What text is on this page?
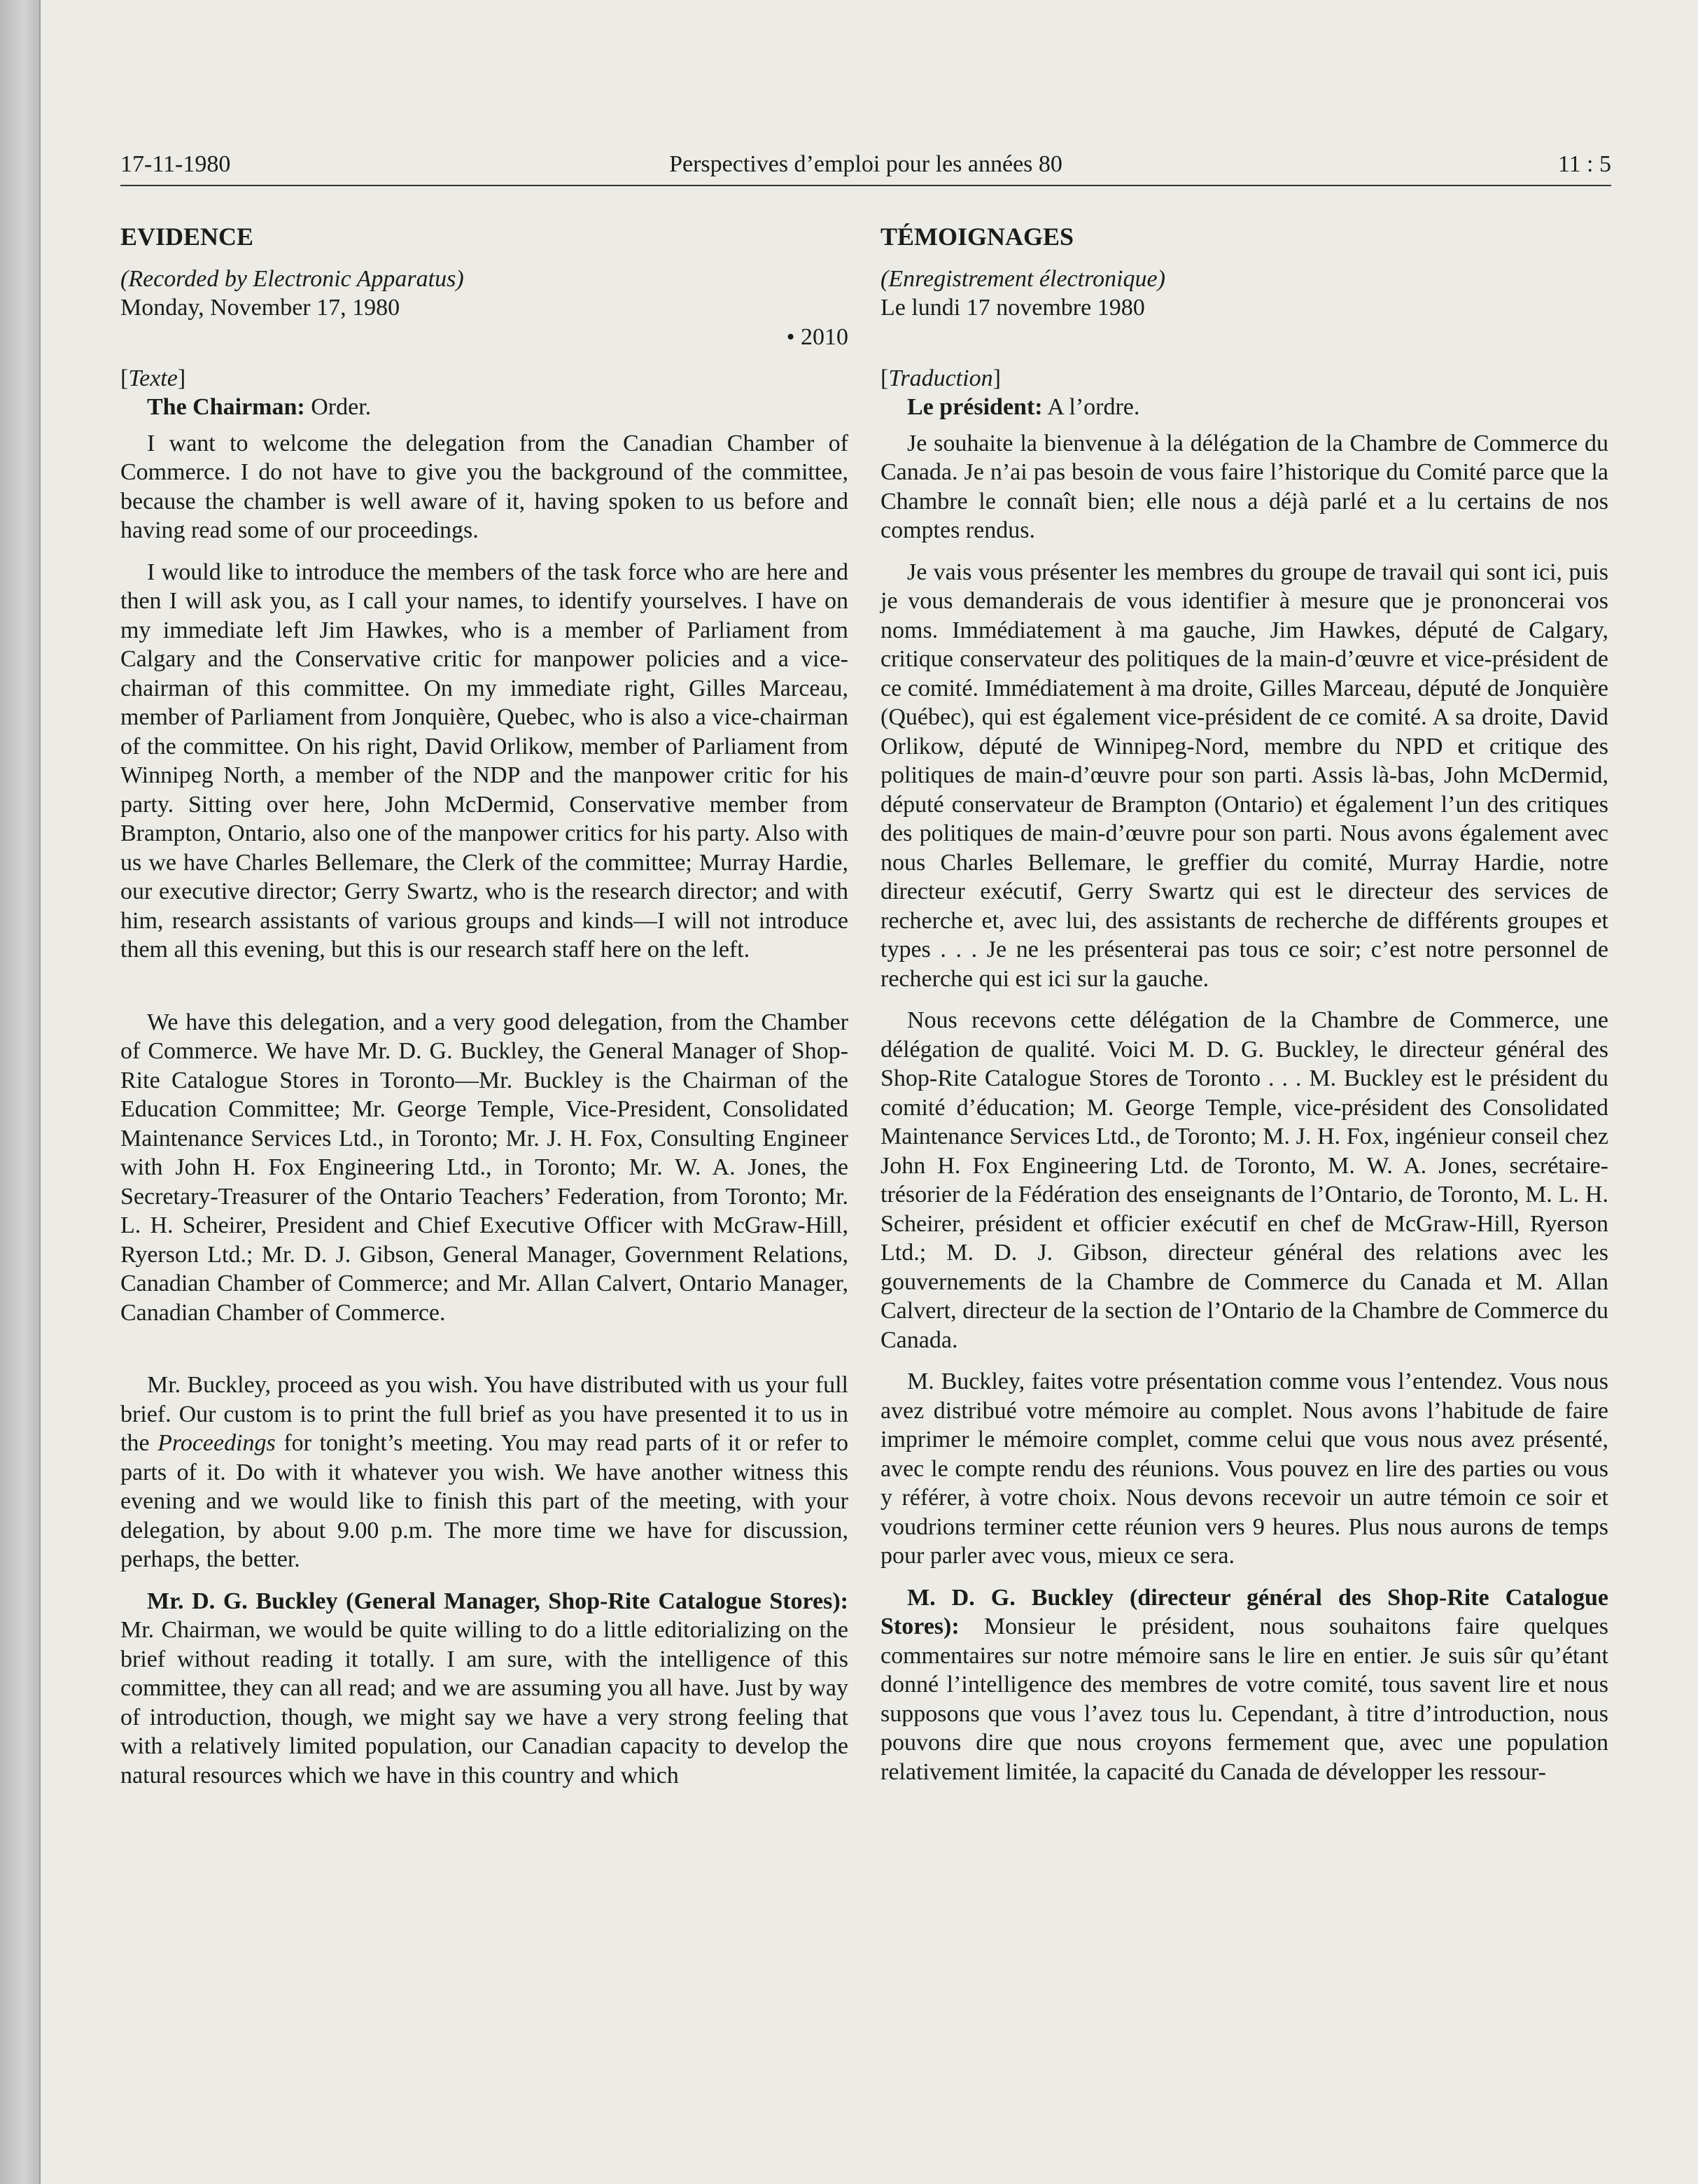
17-11-1980	Perspectives d’emploi pour les années 80	11 : 5
EVIDENCE
(Recorded by Electronic Apparatus)
Monday, November 17, 1980
• 2010
[Texte]

The Chairman: Order.

I want to welcome the delegation from the Canadian Chamber of Commerce. I do not have to give you the background of the committee, because the chamber is well aware of it, having spoken to us before and having read some of our proceedings.

I would like to introduce the members of the task force who are here and then I will ask you, as I call your names, to identify yourselves. I have on my immediate left Jim Hawkes, who is a member of Parliament from Calgary and the Conservative critic for manpower policies and a vice-chairman of this committee. On my immediate right, Gilles Marceau, member of Parliament from Jonquière, Quebec, who is also a vice-chairman of the committee. On his right, David Orlikow, member of Parliament from Winnipeg North, a member of the NDP and the manpower critic for his party. Sitting over here, John McDermid, Conservative member from Brampton, Ontario, also one of the manpower critics for his party. Also with us we have Charles Bellemare, the Clerk of the committee; Murray Hardie, our executive director; Gerry Swartz, who is the research director; and with him, research assistants of various groups and kinds—I will not introduce them all this evening, but this is our research staff here on the left.

We have this delegation, and a very good delegation, from the Chamber of Commerce. We have Mr. D. G. Buckley, the General Manager of Shop-Rite Catalogue Stores in Toronto—Mr. Buckley is the Chairman of the Education Committee; Mr. George Temple, Vice-President, Consolidated Maintenance Services Ltd., in Toronto; Mr. J. H. Fox, Consulting Engineer with John H. Fox Engineering Ltd., in Toronto; Mr. W. A. Jones, the Secretary-Treasurer of the Ontario Teachers’ Federation, from Toronto; Mr. L. H. Scheirer, President and Chief Executive Officer with McGraw-Hill, Ryerson Ltd.; Mr. D. J. Gibson, General Manager, Government Relations, Canadian Chamber of Commerce; and Mr. Allan Calvert, Ontario Manager, Canadian Chamber of Commerce.

Mr. Buckley, proceed as you wish. You have distributed with us your full brief. Our custom is to print the full brief as you have presented it to us in the Proceedings for tonight’s meeting. You may read parts of it or refer to parts of it. Do with it whatever you wish. We have another witness this evening and we would like to finish this part of the meeting, with your delegation, by about 9.00 p.m. The more time we have for discussion, perhaps, the better.

Mr. D. G. Buckley (General Manager, Shop-Rite Catalogue Stores): Mr. Chairman, we would be quite willing to do a little editorializing on the brief without reading it totally. I am sure, with the intelligence of this committee, they can all read; and we are assuming you all have. Just by way of introduction, though, we might say we have a very strong feeling that with a relatively limited population, our Canadian capacity to develop the natural resources which we have in this country and which

TÉMOIGNAGES
(Enregistrement électronique)
Le lundi 17 novembre 1980
[Traduction]

Le président: A l’ordre.

Je souhaite la bienvenue à la délégation de la Chambre de Commerce du Canada. Je n’ai pas besoin de vous faire l’historique du Comité parce que la Chambre le connaît bien; elle nous a déjà parlé et a lu certains de nos comptes rendus.

Je vais vous présenter les membres du groupe de travail qui sont ici, puis je vous demanderais de vous identifier à mesure que je prononcerai vos noms. Immédiatement à ma gauche, Jim Hawkes, député de Calgary, critique conservateur des politiques de la main-d’œuvre et vice-président de ce comité. Immédiatement à ma droite, Gilles Marceau, député de Jonquière (Québec), qui est également vice-président de ce comité. A sa droite, David Orlikow, député de Winnipeg-Nord, membre du NPD et critique des politiques de main-d’œuvre pour son parti. Assis là-bas, John McDermid, député conservateur de Brampton (Ontario) et également l’un des critiques des politiques de main-d’œuvre pour son parti. Nous avons également avec nous Charles Bellemare, le greffier du comité, Murray Hardie, notre directeur exécutif, Gerry Swartz qui est le directeur des services de recherche et, avec lui, des assistants de recherche de différents groupes et types . . . Je ne les présenterai pas tous ce soir; c’est notre personnel de recherche qui est ici sur la gauche.

Nous recevons cette délégation de la Chambre de Commerce, une délégation de qualité. Voici M. D. G. Buckley, le directeur général des Shop-Rite Catalogue Stores de Toronto . . . M. Buckley est le président du comité d’éducation; M. George Temple, vice-président des Consolidated Maintenance Services Ltd., de Toronto; M. J. H. Fox, ingénieur conseil chez John H. Fox Engineering Ltd. de Toronto, M. W. A. Jones, secrétaire-trésorier de la Fédération des enseignants de l’Ontario, de Toronto, M. L. H. Scheirer, président et officier exécutif en chef de McGraw-Hill, Ryerson Ltd.; M. D. J. Gibson, directeur général des relations avec les gouvernements de la Chambre de Commerce du Canada et M. Allan Calvert, directeur de la section de l’Ontario de la Chambre de Commerce du Canada.

M. Buckley, faites votre présentation comme vous l’entendez. Vous nous avez distribué votre mémoire au complet. Nous avons l’habitude de faire imprimer le mémoire complet, comme celui que vous nous avez présenté, avec le compte rendu des réunions. Vous pouvez en lire des parties ou vous y référer, à votre choix. Nous devons recevoir un autre témoin ce soir et voudrions terminer cette réunion vers 9 heures. Plus nous aurons de temps pour parler avec vous, mieux ce sera.

M. D. G. Buckley (directeur général des Shop-Rite Catalogue Stores): Monsieur le président, nous souhaitons faire quelques commentaires sur notre mémoire sans le lire en entier. Je suis sûr qu’étant donné l’intelligence des membres de votre comité, tous savent lire et nous supposons que vous l’avez tous lu. Cependant, à titre d’introduction, nous pouvons dire que nous croyons fermement que, avec une population relativement limitée, la capacité du Canada de développer les ressour-
